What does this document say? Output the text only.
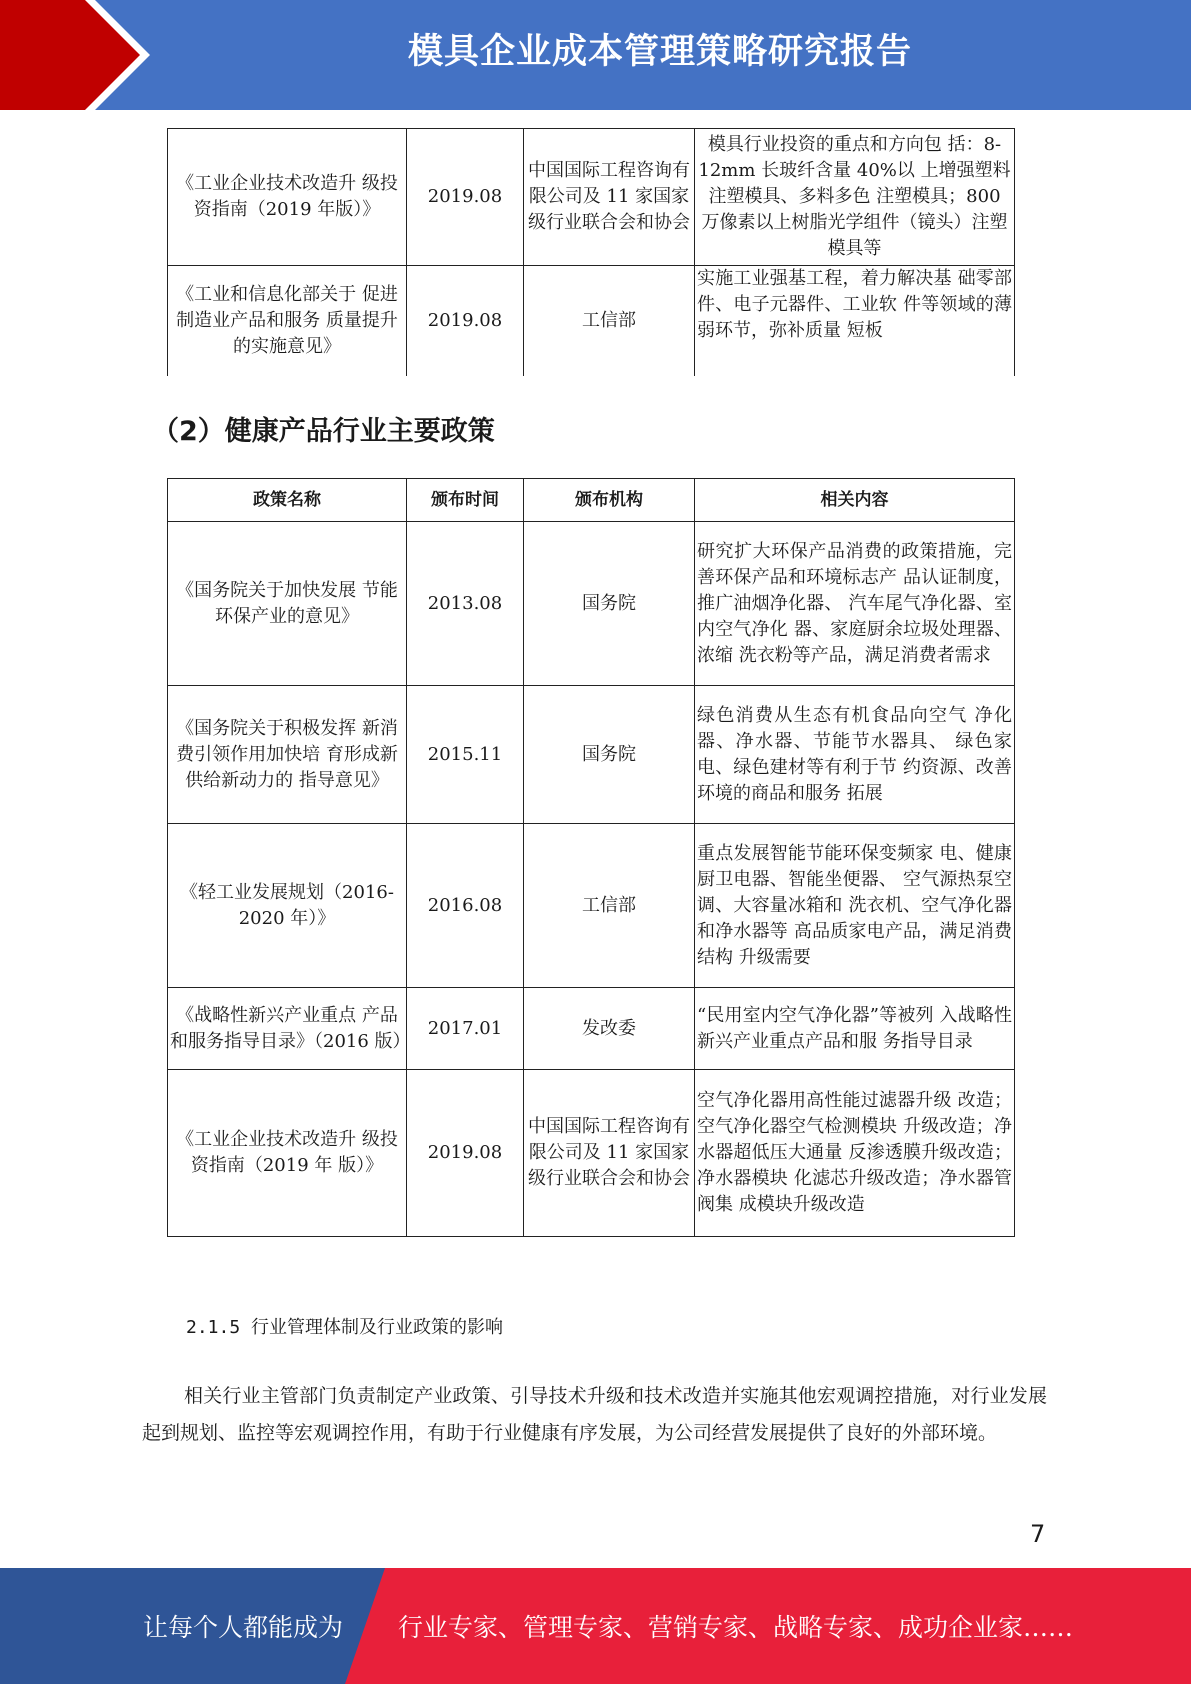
模具企业成本管理策略研究报告
《工业企业技术改造升 级投资指南（2019 年版）》	2019.08	中国国际工程咨询有限公司及 11 家国家级行业联合会和协会	模具行业投资的重点和方向包 括：8-12mm 长玻纤含量 40%以 上增强塑料注塑模具、多料多色 注塑模具；800 万像素以上树脂光学组件（镜头）注塑模具等
《工业和信息化部关于 促进制造业产品和服务 质量提升的实施意见》	2019.08	工信部	实施工业强基工程，着力解决基 础零部件、电子元器件、工业软 件等领域的薄弱环节，弥补质量 短板
（2）健康产品行业主要政策
政策名称	颁布时间	颁布机构	相关内容
《国务院关于加快发展 节能环保产业的意见》	2013.08	国务院	研究扩大环保产品消费的政策措施，完善环保产品和环境标志产 品认证制度，推广油烟净化器、 汽车尾气净化器、室内空气净化 器、家庭厨余垃圾处理器、浓缩 洗衣粉等产品，满足消费者需求
《国务院关于积极发挥 新消费引领作用加快培 育形成新供给新动力的 指导意见》	2015.11	国务院	绿色消费从生态有机食品向空气 净化器、净水器、节能节水器具、 绿色家电、绿色建材等有利于节 约资源、改善环境的商品和服务 拓展
《轻工业发展规划（2016-2020 年）》	2016.08	工信部	重点发展智能节能环保变频家 电、健康厨卫电器、智能坐便器、 空气源热泵空调、大容量冰箱和 洗衣机、空气净化器和净水器等 高品质家电产品，满足消费结构 升级需要
《战略性新兴产业重点 产品和服务指导目录》（2016 版）	2017.01	发改委	“民用室内空气净化器”等被列 入战略性新兴产业重点产品和服 务指导目录
《工业企业技术改造升 级投资指南（2019 年 版）》	2019.08	中国国际工程咨询有限公司及 11 家国家级行业联合会和协会	空气净化器用高性能过滤器升级 改造；空气净化器空气检测模块 升级改造；净水器超低压大通量 反渗透膜升级改造；净水器模块 化滤芯升级改造；净水器管阀集 成模块升级改造
2.1.5 行业管理体制及行业政策的影响
相关行业主管部门负责制定产业政策、引导技术升级和技术改造并实施其他宏观调控措施，对行业发展起到规划、监控等宏观调控作用，有助于行业健康有序发展，为公司经营发展提供了良好的外部环境。
7
让每个人都能成为 行业专家、管理专家、营销专家、战略专家、成功企业家……
